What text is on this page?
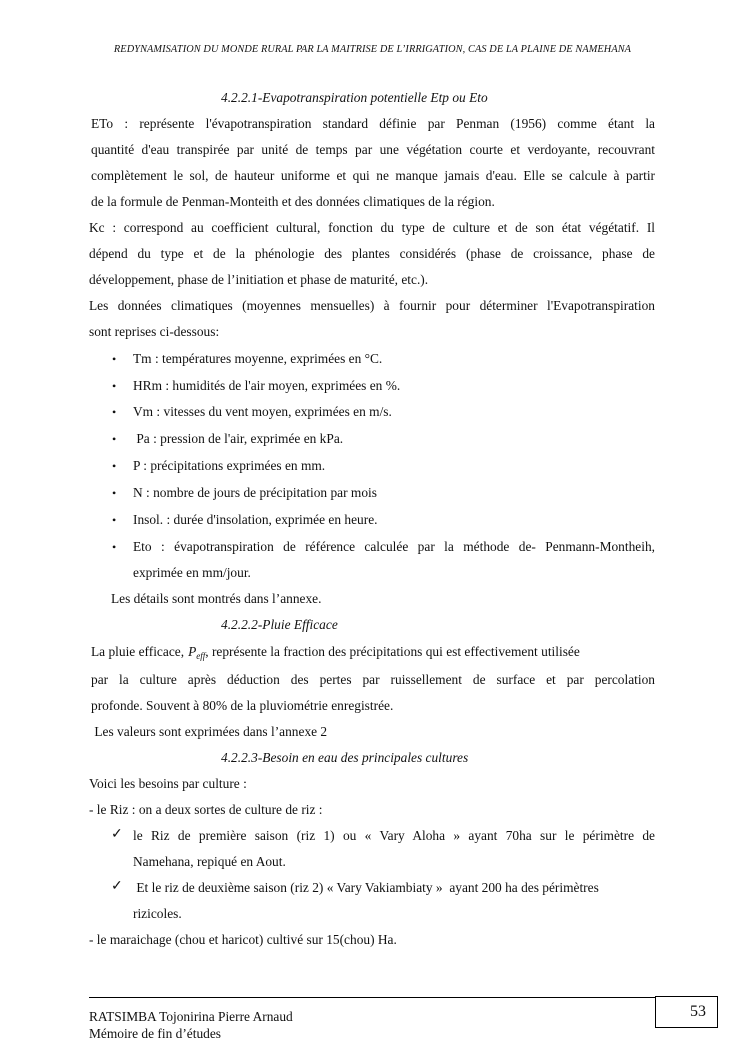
REDYNAMISATION DU MONDE RURAL PAR LA MAITRISE DE L’IRRIGATION, CAS DE LA PLAINE DE NAMEHANA
4.2.2.1-Evapotranspiration potentielle Etp ou Eto
ETo : représente l'évapotranspiration standard définie par Penman (1956) comme étant la
quantité d'eau transpirée par unité de temps par une végétation courte et verdoyante, recouvrant
complètement le sol, de hauteur uniforme et qui ne manque jamais d'eau. Elle se calcule à partir
de la formule de Penman-Monteith et des données climatiques de la région.
Kc : correspond au coefficient cultural, fonction du type de culture et de son état végétatif. Il
dépend du type et de la phénologie des plantes considérés (phase de croissance, phase de
développement, phase de l’initiation et phase de maturité, etc.).
Les données climatiques (moyennes mensuelles) à fournir pour déterminer l'Evapotranspiration
sont reprises ci-dessous:
• Tm : températures moyenne, exprimées en °C.
• HRm : humidités de l'air moyen, exprimées en %.
• Vm : vitesses du vent moyen, exprimées en m/s.
• Pa : pression de l'air, exprimée en kPa.
• P : précipitations exprimées en mm.
• N : nombre de jours de précipitation par mois
• Insol. : durée d'insolation, exprimée en heure.
• Eto : évapotranspiration de référence calculée par la méthode de- Penmann-Montheih,
exprimée en mm/jour.
Les détails sont montrés dans l’annexe.
4.2.2.2-Pluie Efficace
La pluie efficace, $P_{eff}$, représente la fraction des précipitations qui est effectivement utilisée
par la culture après déduction des pertes par ruissellement de surface et par percolation
profonde. Souvent à 80% de la pluviométrie enregistrée.
Les valeurs sont exprimées dans l’annexe 2
4.2.2.3-Besoin en eau des principales cultures
Voici les besoins par culture :
- le Riz : on a deux sortes de culture de riz :
✓ le Riz de première saison (riz 1) ou « Vary Aloha » ayant 70ha sur le périmètre de
Namehana, repiqué en Aout.
✓ Et le riz de deuxième saison (riz 2) « Vary Vakiambiaty »  ayant 200 ha des périmètres
rizicoles.
- le maraichage (chou et haricot) cultivé sur 15(chou) Ha.
53
RATSIMBA Tojonirina Pierre Arnaud
Mémoire de fin d’études
